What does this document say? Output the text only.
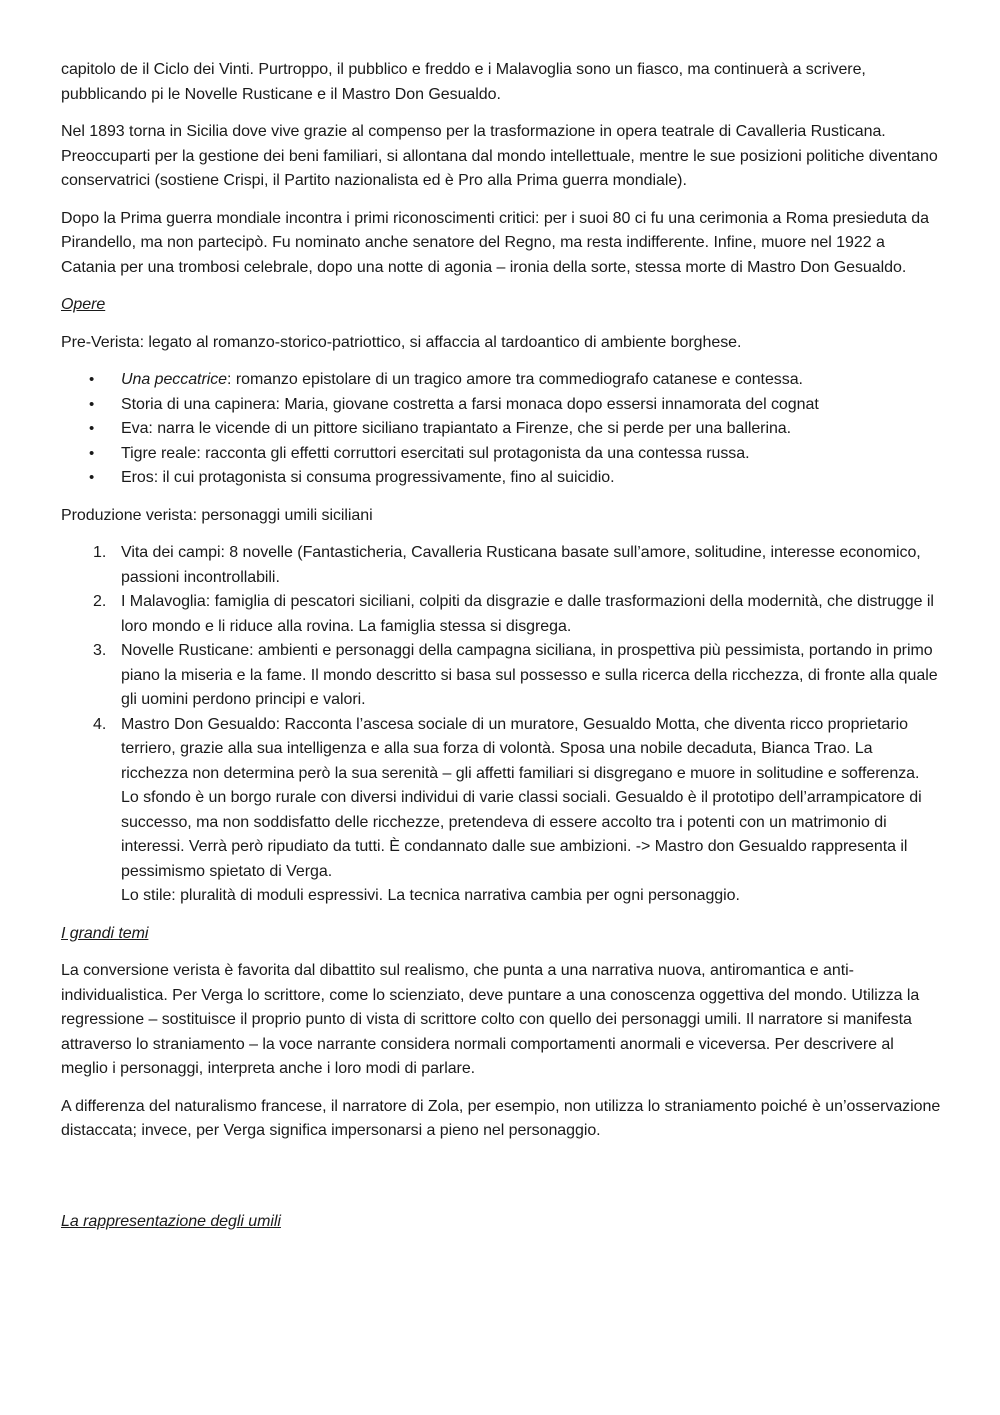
capitolo de il Ciclo dei Vinti. Purtroppo, il pubblico e freddo e i Malavoglia sono un fiasco, ma continuerà a scrivere, pubblicando pi le Novelle Rusticane e il Mastro Don Gesualdo.

Nel 1893 torna in Sicilia dove vive grazie al compenso per la trasformazione in opera teatrale di Cavalleria Rusticana. Preoccuparti per la gestione dei beni familiari, si allontana dal mondo intellettuale, mentre le sue posizioni politiche diventano conservatrici (sostiene Crispi, il Partito nazionalista ed è Pro alla Prima guerra mondiale).

Dopo la Prima guerra mondiale incontra i primi riconoscimenti critici: per i suoi 80 ci fu una cerimonia a Roma presieduta da Pirandello, ma non partecipò. Fu nominato anche senatore del Regno, ma resta indifferente. Infine, muore nel 1922 a Catania per una trombosi celebrale, dopo una notte di agonia – ironia della sorte, stessa morte di Mastro Don Gesualdo.

Opere

Pre-Verista: legato al romanzo-storico-patriottico, si affaccia al tardoantico di ambiente borghese.

• Una peccatrice: romanzo epistolare di un tragico amore tra commediografo catanese e contessa.
• Storia di una capinera: Maria, giovane costretta a farsi monaca dopo essersi innamorata del cognat
• Eva: narra le vicende di un pittore siciliano trapiantato a Firenze, che si perde per una ballerina.
• Tigre reale: racconta gli effetti corruttori esercitati sul protagonista da una contessa russa.
• Eros: il cui protagonista si consuma progressivamente, fino al suicidio.

Produzione verista: personaggi umili siciliani

1. Vita dei campi: 8 novelle (Fantasticheria, Cavalleria Rusticana basate sull’amore, solitudine, interesse economico, passioni incontrollabili.
2. I Malavoglia: famiglia di pescatori siciliani, colpiti da disgrazie e dalle trasformazioni della modernità, che distrugge il loro mondo e li riduce alla rovina. La famiglia stessa si disgrega.
3. Novelle Rusticane: ambienti e personaggi della campagna siciliana, in prospettiva più pessimista, portando in primo piano la miseria e la fame. Il mondo descritto si basa sul possesso e sulla ricerca della ricchezza, di fronte alla quale gli uomini perdono principi e valori.
4. Mastro Don Gesualdo: Racconta l’ascesa sociale di un muratore, Gesualdo Motta, che diventa ricco proprietario terriero, grazie alla sua intelligenza e alla sua forza di volontà. Sposa una nobile decaduta, Bianca Trao. La ricchezza non determina però la sua serenità – gli affetti familiari si disgregano e muore in solitudine e sofferenza.
Lo sfondo è un borgo rurale con diversi individui di varie classi sociali. Gesualdo è il prototipo dell’arrampicatore di successo, ma non soddisfatto delle ricchezze, pretendeva di essere accolto tra i potenti con un matrimonio di interessi. Verrà però ripudiato da tutti. È condannato dalle sue ambizioni. -> Mastro don Gesualdo rappresenta il pessimismo spietato di Verga.
Lo stile: pluralità di moduli espressivi. La tecnica narrativa cambia per ogni personaggio.
I grandi temi

La conversione verista è favorita dal dibattito sul realismo, che punta a una narrativa nuova, antiromantica e anti-individualistica. Per Verga lo scrittore, come lo scienziato, deve puntare a una conoscenza oggettiva del mondo. Utilizza la regressione – sostituisce il proprio punto di vista di scrittore colto con quello dei personaggi umili. Il narratore si manifesta attraverso lo straniamento – la voce narrante considera normali comportamenti anormali e viceversa. Per descrivere al meglio i personaggi, interpreta anche i loro modi di parlare.

A differenza del naturalismo francese, il narratore di Zola, per esempio, non utilizza lo straniamento poiché è un’osservazione distaccata; invece, per Verga significa impersonarsi a pieno nel personaggio.

La rappresentazione degli umili
